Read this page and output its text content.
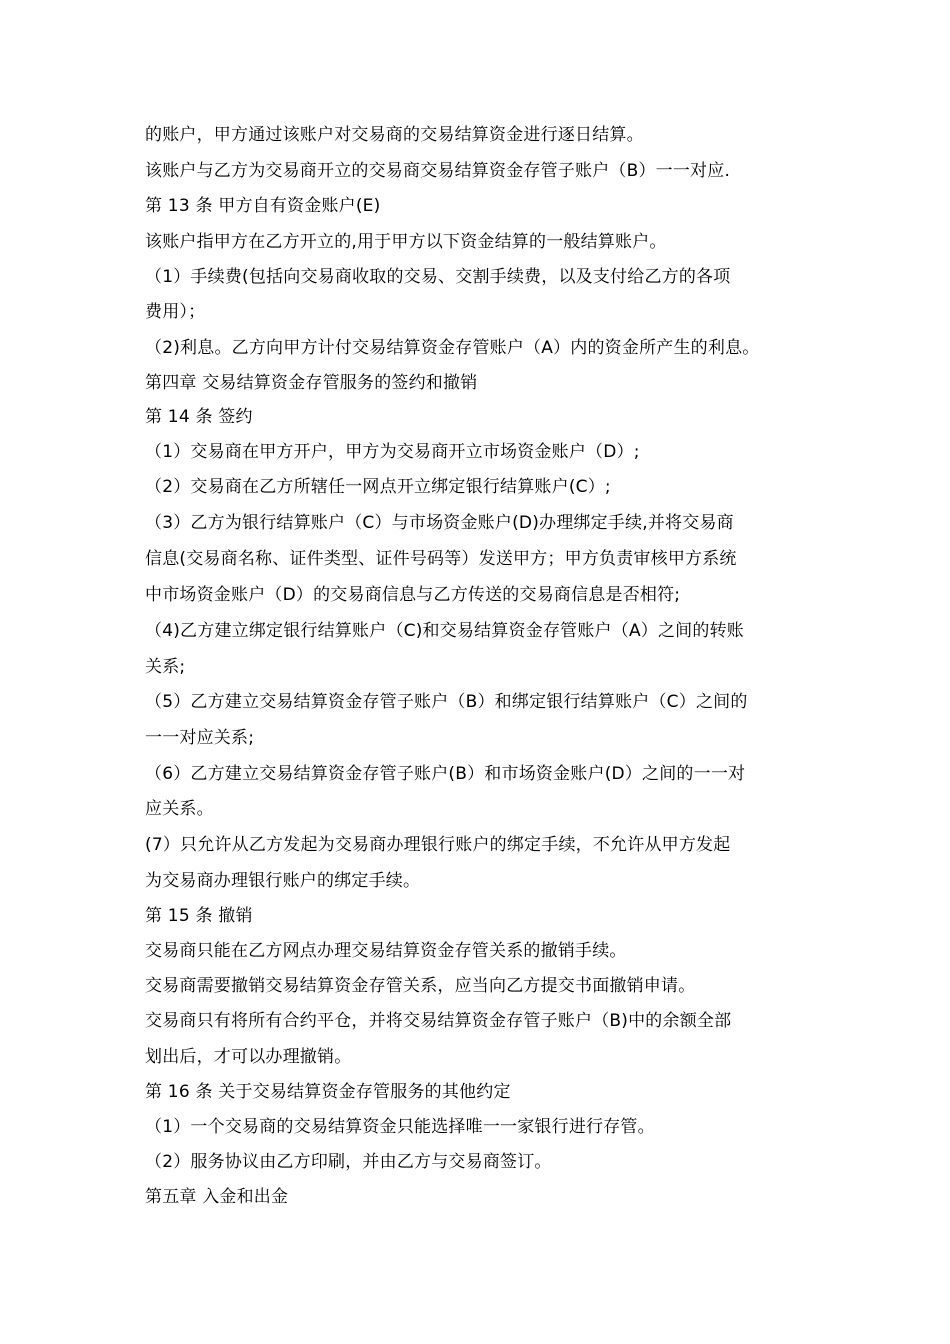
的账户，甲方通过该账户对交易商的交易结算资金进行逐日结算。
该账户与乙方为交易商开立的交易商交易结算资金存管子账户（B）一一对应.
第 13 条 甲方自有资金账户(E)
该账户指甲方在乙方开立的,用于甲方以下资金结算的一般结算账户。
（1）手续费(包括向交易商收取的交易、交割手续费，以及支付给乙方的各项
费用）；
（2)利息。乙方向甲方计付交易结算资金存管账户（A）内的资金所产生的利息。
第四章 交易结算资金存管服务的签约和撤销
第 14 条 签约
（1）交易商在甲方开户，甲方为交易商开立市场资金账户（D）;
（2）交易商在乙方所辖任一网点开立绑定银行结算账户(C）;
（3）乙方为银行结算账户（C）与市场资金账户(D)办理绑定手续,并将交易商
信息(交易商名称、证件类型、证件号码等）发送甲方；甲方负责审核甲方系统
中市场资金账户（D）的交易商信息与乙方传送的交易商信息是否相符;
（4)乙方建立绑定银行结算账户（C)和交易结算资金存管账户（A）之间的转账
关系;
（5）乙方建立交易结算资金存管子账户（B）和绑定银行结算账户（C）之间的
一一对应关系;
（6）乙方建立交易结算资金存管子账户(B）和市场资金账户(D）之间的一一对
应关系。
(7）只允许从乙方发起为交易商办理银行账户的绑定手续，不允许从甲方发起
为交易商办理银行账户的绑定手续。
第 15 条 撤销
交易商只能在乙方网点办理交易结算资金存管关系的撤销手续。
交易商需要撤销交易结算资金存管关系，应当向乙方提交书面撤销申请。
交易商只有将所有合约平仓，并将交易结算资金存管子账户（B)中的余额全部
划出后，才可以办理撤销。
第 16 条 关于交易结算资金存管服务的其他约定
（1）一个交易商的交易结算资金只能选择唯一一家银行进行存管。
（2）服务协议由乙方印刷，并由乙方与交易商签订。
第五章 入金和出金
